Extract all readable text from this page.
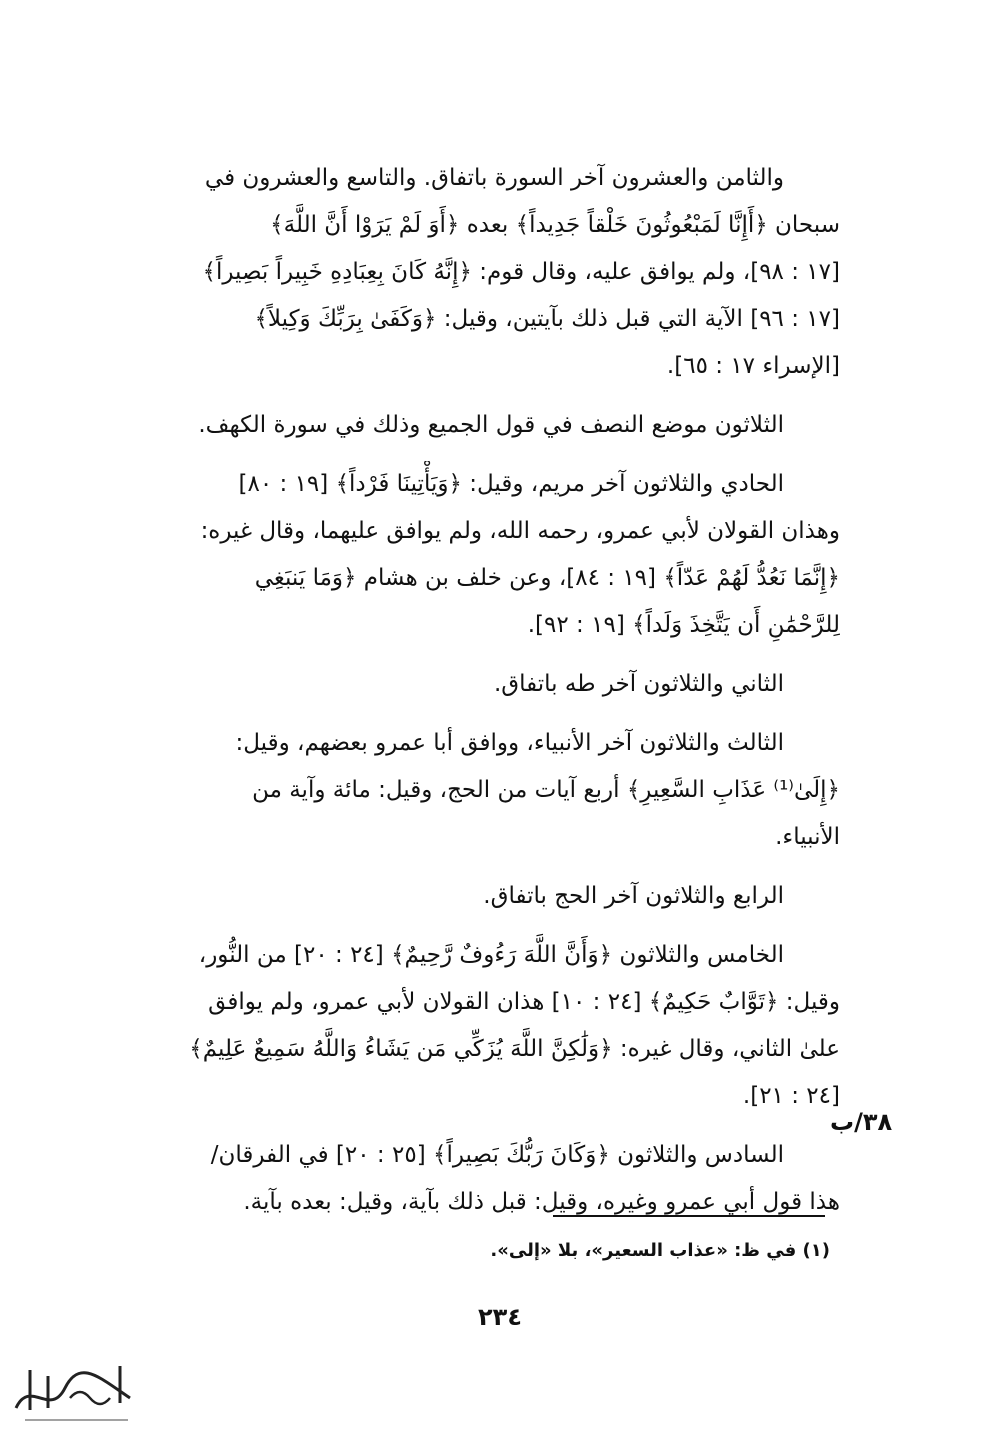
والثامن والعشرون آخر السورة باتفاق. والتاسع والعشرون في
سبحان ﴿أَإِنَّا لَمَبْعُوثُونَ خَلْقاً جَدِيداً﴾ بعده ﴿أَوَ لَمْ يَرَوْا أَنَّ اللَّهَ﴾
[١٧ : ٩٨]، ولم يوافق عليه، وقال قوم: ﴿إِنَّهُ كَانَ بِعِبَادِهِ خَبِيراً بَصِيراً﴾
[١٧ : ٩٦] الآية التي قبل ذلك بآيتين، وقيل: ﴿وَكَفَىٰ بِرَبِّكَ وَكِيلاً﴾
[الإسراء ١٧ : ٦٥].
الثلاثون موضع النصف في قول الجميع وذلك في سورة الكهف.
الحادي والثلاثون آخر مريم، وقيل: ﴿وَيَأْتِينَا فَرْداً﴾ [١٩ : ٨٠]
وهذان القولان لأبي عمرو، رحمه الله، ولم يوافق عليهما، وقال غيره:
﴿إِنَّمَا نَعُدُّ لَهُمْ عَدّاً﴾ [١٩ : ٨٤]، وعن خلف بن هشام ﴿وَمَا يَنبَغِي
لِلرَّحْمَٰنِ أَن يَتَّخِذَ وَلَداً﴾ [١٩ : ٩٢].
الثاني والثلاثون آخر طه باتفاق.
الثالث والثلاثون آخر الأنبياء، ووافق أبا عمرو بعضهم، وقيل:
﴿إِلَىٰ⁽¹⁾ عَذَابِ السَّعِيرِ﴾ أربع آيات من الحج، وقيل: مائة وآية من
الأنبياء.
الرابع والثلاثون آخر الحج باتفاق.
الخامس والثلاثون ﴿وَأَنَّ اللَّهَ رَءُوفٌ رَّحِيمٌ﴾ [٢٤ : ٢٠] من النُّور،
وقيل: ﴿تَوَّابٌ حَكِيمٌ﴾ [٢٤ : ١٠] هذان القولان لأبي عمرو، ولم يوافق
علىٰ الثاني، وقال غيره: ﴿وَلَٰكِنَّ اللَّهَ يُزَكِّي مَن يَشَاءُ وَاللَّهُ سَمِيعٌ عَلِيمٌ﴾
[٢٤ : ٢١].
السادس والثلاثون ﴿وَكَانَ رَبُّكَ بَصِيراً﴾ [٢٥ : ٢٠] في الفرقان/
هذا قول أبي عمرو وغيره، وقيل: قبل ذلك بآية، وقيل: بعده بآية.
٣٨/ب
(١) في ظ: «عذاب السعير»، بلا «إلى».
٢٣٤
